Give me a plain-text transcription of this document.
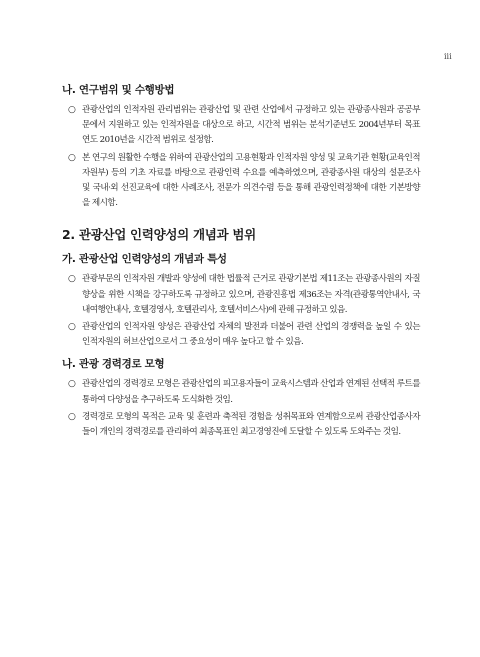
iii
나. 연구범위 및 수행방법
○ 관광산업의 인적자원 관리범위는 관광산업 및 관련 산업에서 규정하고 있는 관광종사원과 공공부문에서 지원하고 있는 인적자원을 대상으로 하고, 시간적 범위는 분석기준년도 2004년부터 목표연도 2010년을 시간적 범위로 설정함.
○ 본 연구의 원활한 수행을 위하여 관광산업의 고용현황과 인적자원 양성 및 교육기관 현황(교육인적자원부) 등의 기초 자료를 바탕으로 관광인력 수요를 예측하였으며, 관광종사원 대상의 설문조사 및 국내·외 선진교육에 대한 사례조사, 전문가 의견수렴 등을 통해 관광인력정책에 대한 기본방향을 제시함.
2. 관광산업 인력양성의 개념과 범위
가. 관광산업 인력양성의 개념과 특성
○ 관광부문의 인적자원 개발과 양성에 대한 법률적 근거로 관광기본법 제11조는 관광종사원의 자질향상을 위한 시책을 강구하도록 규정하고 있으며, 관광진흥법 제36조는 자격(관광통역안내사, 국내여행안내사, 호텔경영사, 호텔관리사, 호텔서비스사)에 관해 규정하고 있음.
○ 관광산업의 인적자원 양성은 관광산업 자체의 발전과 더불어 관련 산업의 경쟁력을 높일 수 있는 인적자원의 허브산업으로서 그 중요성이 매우 높다고 할 수 있음.
나. 관광 경력경로 모형
○ 관광산업의 경력경로 모형은 관광산업의 피고용자들이 교육시스템과 산업과 연계된 선택적 루트를 통하여 다양성을 추구하도록 도식화한 것임.
○ 경력경로 모형의 목적은 교육 및 훈련과 축적된 경험을 성취목표와 연계함으로써 관광산업종사자들이 개인의 경력경로를 관리하여 최종목표인 최고경영진에 도달할 수 있도록 도와주는 것임.
